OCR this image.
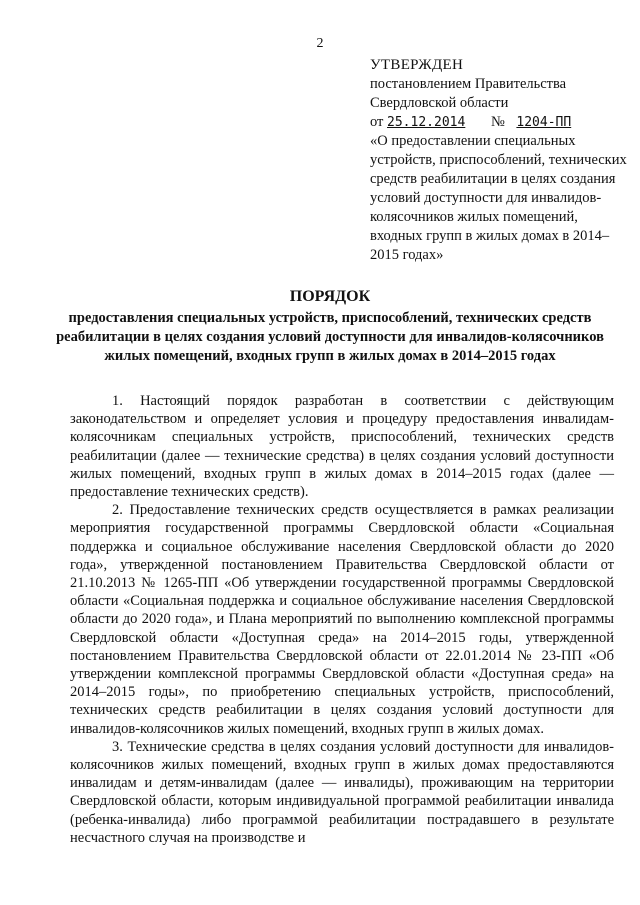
2
УТВЕРЖДЕН
постановлением Правительства
Свердловской области
от 25.12.2014 № 1204-ПП
«О предоставлении специальных устройств, приспособлений, технических средств реабилитации в целях создания условий доступности для инвалидов-колясочников жилых помещений, входных групп в жилых домах в 2014–2015 годах»
ПОРЯДОК
предоставления специальных устройств, приспособлений, технических средств реабилитации в целях создания условий доступности для инвалидов-колясочников жилых помещений, входных групп в жилых домах в 2014–2015 годах

1. Настоящий порядок разработан в соответствии с действующим законодательством и определяет условия и процедуру предоставления инвалидам-колясочникам специальных устройств, приспособлений, технических средств реабилитации (далее — технические средства) в целях создания условий доступности жилых помещений, входных групп в жилых домах в 2014–2015 годах (далее — предоставление технических средств).

2. Предоставление технических средств осуществляется в рамках реализации мероприятия государственной программы Свердловской области «Социальная поддержка и социальное обслуживание населения Свердловской области до 2020 года», утвержденной постановлением Правительства Свердловской области от 21.10.2013 № 1265-ПП «Об утверждении государственной программы Свердловской области «Социальная поддержка и социальное обслуживание населения Свердловской области до 2020 года», и Плана мероприятий по выполнению комплексной программы Свердловской области «Доступная среда» на 2014–2015 годы, утвержденной постановлением Правительства Свердловской области от 22.01.2014 № 23-ПП «Об утверждении комплексной программы Свердловской области «Доступная среда» на 2014–2015 годы», по приобретению специальных устройств, приспособлений, технических средств реабилитации в целях создания условий доступности для инвалидов-колясочников жилых помещений, входных групп в жилых домах.

3. Технические средства в целях создания условий доступности для инвалидов-колясочников жилых помещений, входных групп в жилых домах предоставляются инвалидам и детям-инвалидам (далее — инвалиды), проживающим на территории Свердловской области, которым индивидуальной программой реабилитации инвалида (ребенка-инвалида) либо программой реабилитации пострадавшего в результате несчастного случая на производстве и
